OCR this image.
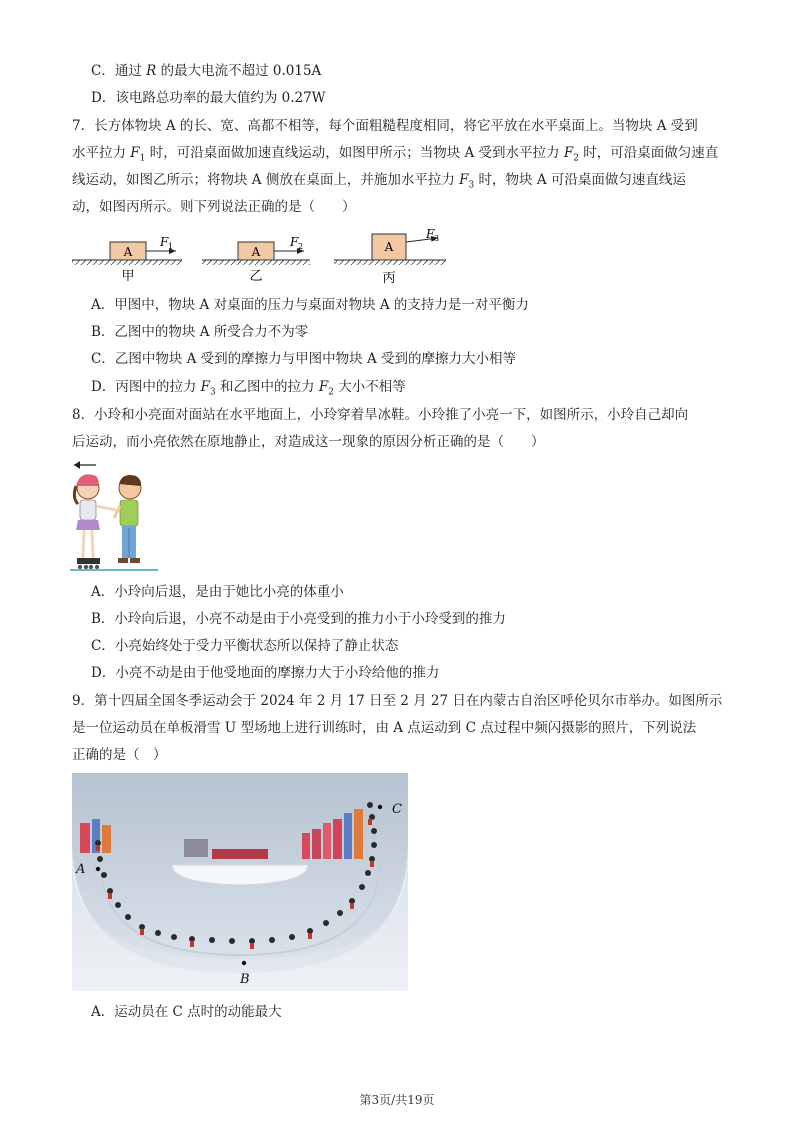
C．通过 R 的最大电流不超过 0.015A
D．该电路总功率的最大值约为 0.27W
7．长方体物块 A 的长、宽、高都不相等，每个面粗糙程度相同，将它平放在水平桌面上。当物块 A 受到
水平拉力 $F_1$ 时，可沿桌面做加速直线运动，如图甲所示；当物块 A 受到水平拉力 $F_2$ 时，可沿桌面做匀速直
线运动，如图乙所示；将物块 A 侧放在桌面上，并施加水平拉力 $F_3$ 时，物块 A 可沿桌面做匀速直线运
动，如图丙所示。则下列说法正确的是（　　）
A
F 1
甲
A
F 2
乙
A
F 3
丙
A．甲图中，物块 A 对桌面的压力与桌面对物块 A 的支持力是一对平衡力
B．乙图中的物块 A 所受合力不为零
C．乙图中物块 A 受到的摩擦力与甲图中物块 A 受到的摩擦力大小相等
D．丙图中的拉力 $F_3$ 和乙图中的拉力 $F_2$ 大小不相等
8．小玲和小亮面对面站在水平地面上，小玲穿着旱冰鞋。小玲推了小亮一下，如图所示，小玲自己却向
后运动，而小亮依然在原地静止，对造成这一现象的原因分析正确的是（　　）
A．小玲向后退，是由于她比小亮的体重小
B．小玲向后退，小亮不动是由于小亮受到的推力小于小玲受到的推力
C．小亮始终处于受力平衡状态所以保持了静止状态
D．小亮不动是由于他受地面的摩擦力大于小玲给他的推力
9．第十四届全国冬季运动会于 2024 年 2 月 17 日至 2 月 27 日在内蒙古自治区呼伦贝尔市举办。如图所示
是一位运动员在单板滑雪 U 型场地上进行训练时，由 A 点运动到 C 点过程中频闪摄影的照片，下列说法
正确的是（　）
A
B
C
A．运动员在 C 点时的动能最大
第3页/共19页
